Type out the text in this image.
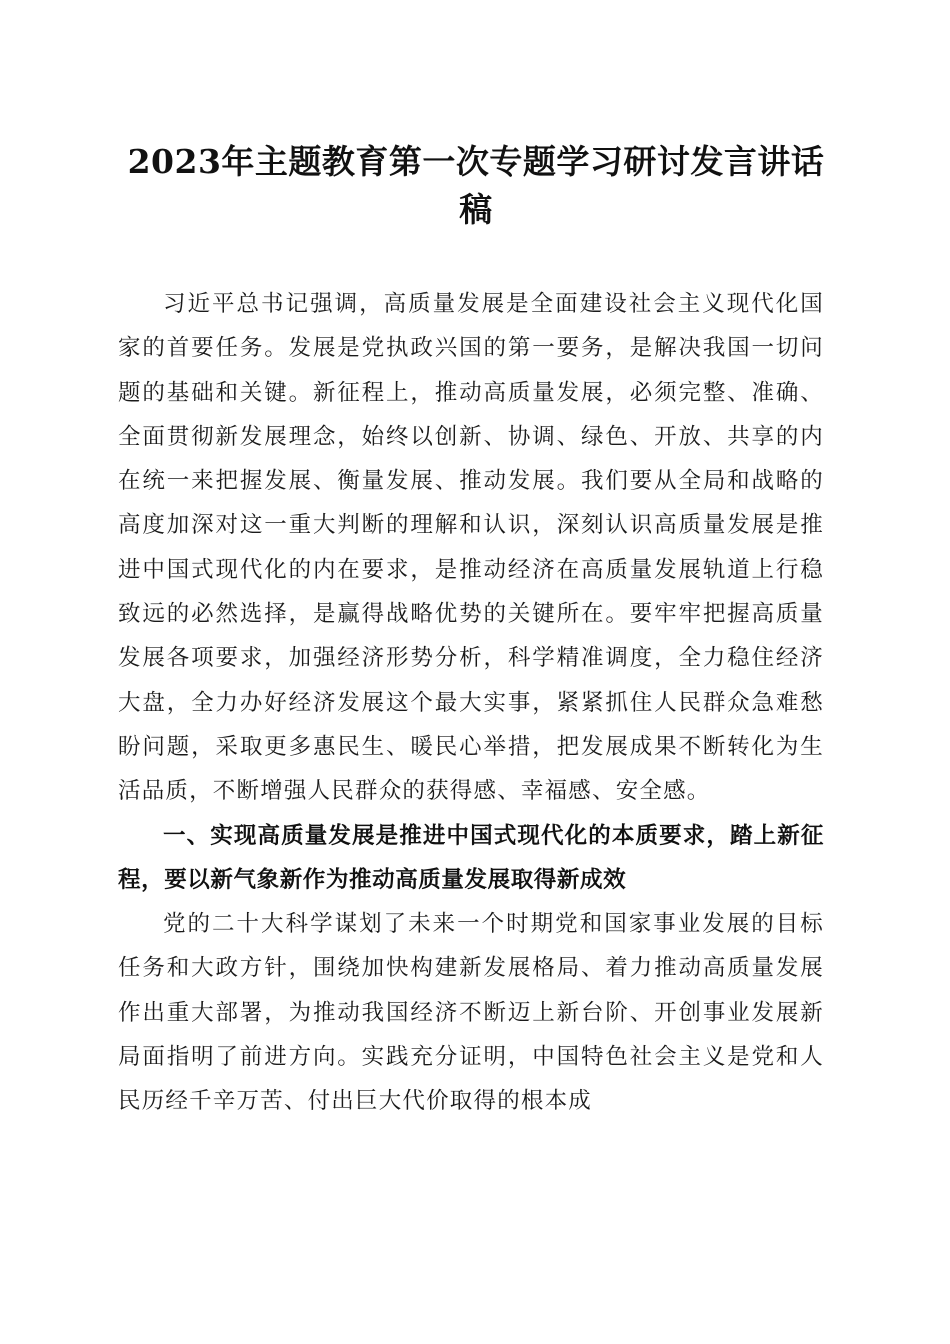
2023年主题教育第一次专题学习研讨发言讲话稿

习近平总书记强调，高质量发展是全面建设社会主义现代化国家的首要任务。发展是党执政兴国的第一要务，是解决我国一切问题的基础和关键。新征程上，推动高质量发展，必须完整、准确、全面贯彻新发展理念，始终以创新、协调、绿色、开放、共享的内在统一来把握发展、衡量发展、推动发展。我们要从全局和战略的高度加深对这一重大判断的理解和认识，深刻认识高质量发展是推进中国式现代化的内在要求，是推动经济在高质量发展轨道上行稳致远的必然选择，是赢得战略优势的关键所在。要牢牢把握高质量发展各项要求，加强经济形势分析，科学精准调度，全力稳住经济大盘，全力办好经济发展这个最大实事，紧紧抓住人民群众急难愁盼问题，采取更多惠民生、暖民心举措，把发展成果不断转化为生活品质，不断增强人民群众的获得感、幸福感、安全感。

一、实现高质量发展是推进中国式现代化的本质要求，踏上新征程，要以新气象新作为推动高质量发展取得新成效

党的二十大科学谋划了未来一个时期党和国家事业发展的目标任务和大政方针，围绕加快构建新发展格局、着力推动高质量发展作出重大部署，为推动我国经济不断迈上新台阶、开创事业发展新局面指明了前进方向。实践充分证明，中国特色社会主义是党和人民历经千辛万苦、付出巨大代价取得的根本成
